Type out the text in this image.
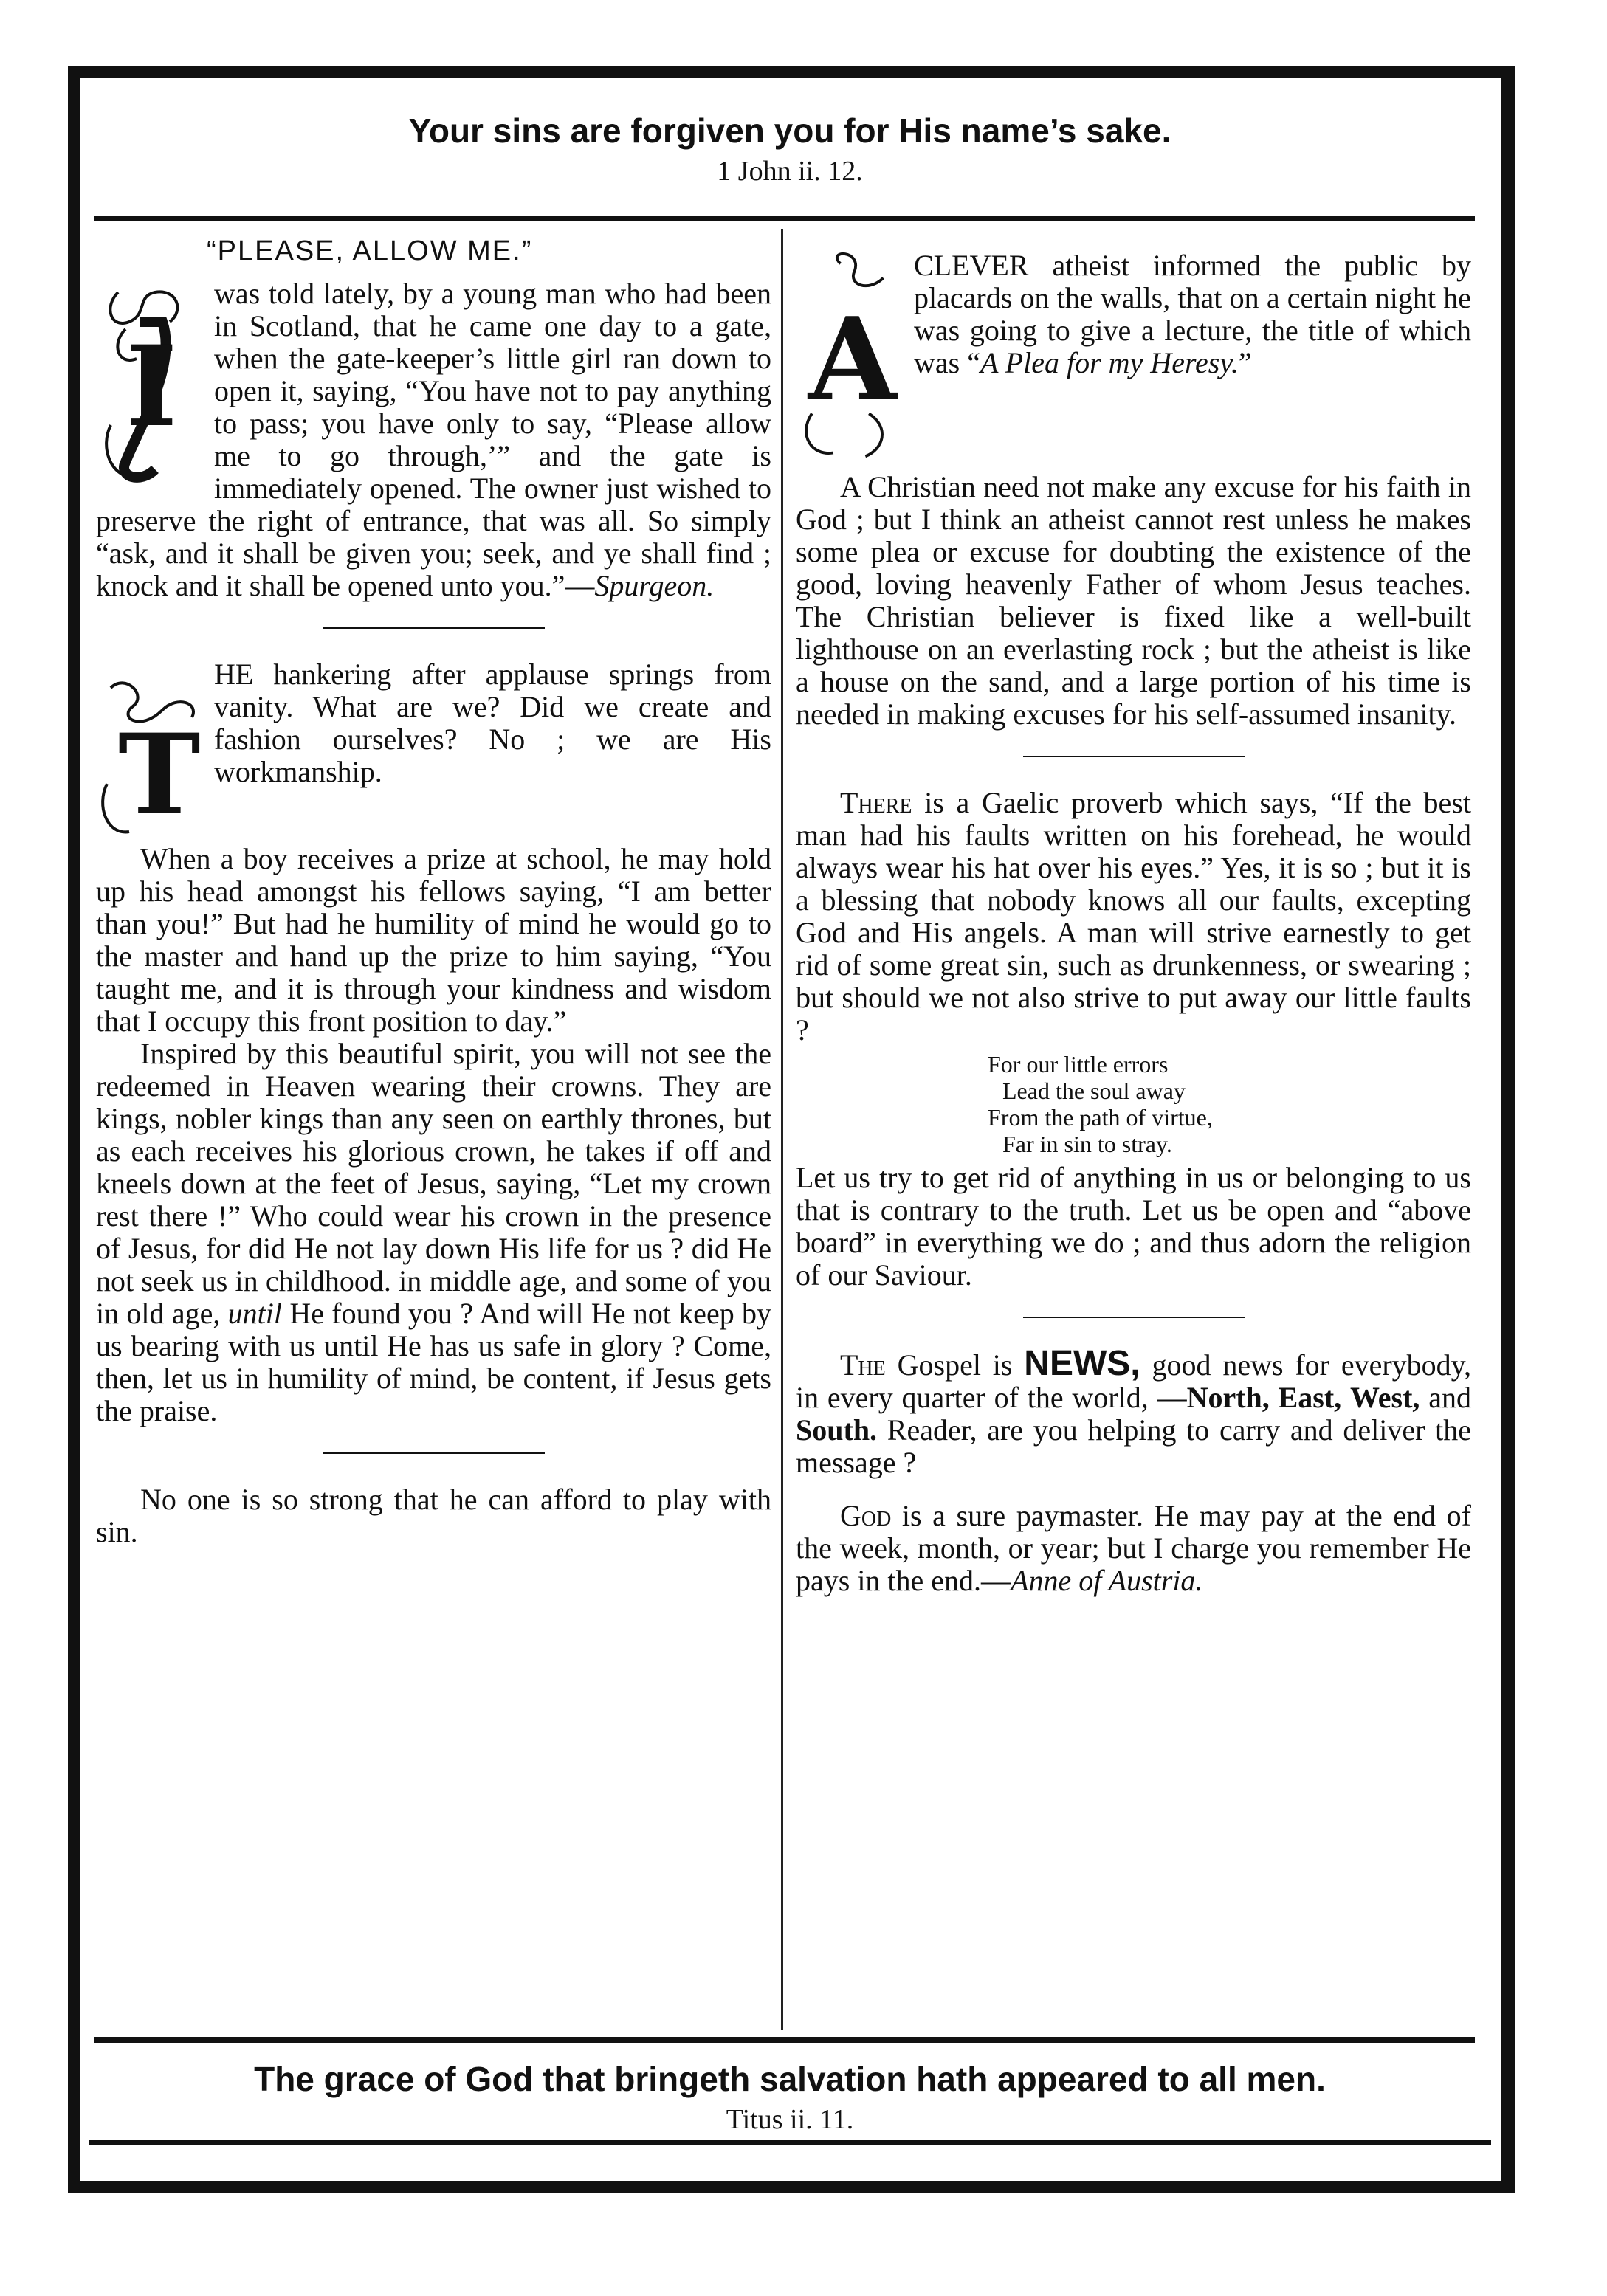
Your sins are forgiven you for His name’s sake.
1 John ii. 12.
“PLEASE, ALLOW ME.”
I

was told lately, by a young man who had been in Scotland, that he came one day to a gate, when the gate-keeper’s little girl ran down to open it, saying, “You have not to pay anything to pass; you have only to say, “Please allow me to go through,’” and the gate is immediately opened. The owner just wished to preserve the right of entrance, that was all. So simply “ask, and it shall be given you; seek, and ye shall find ; knock and it shall be opened unto you.”—Spurgeon.

T

HE hankering after applause springs from vanity. What are we? Did we create and fashion ourselves? No ; we are His workmanship.

When a boy receives a prize at school, he may hold up his head amongst his fellows saying, “I am better than you!” But had he humility of mind he would go to the master and hand up the prize to him saying, “You taught me, and it is through your kindness and wisdom that I occupy this front position to day.”

Inspired by this beautiful spirit, you will not see the redeemed in Heaven wearing their crowns. They are kings, nobler kings than any seen on earthly thrones, but as each receives his glorious crown, he takes if off and kneels down at the feet of Jesus, saying, “Let my crown rest there !” Who could wear his crown in the presence of Jesus, for did He not lay down His life for us ? did He not seek us in childhood. in middle age, and some of you in old age, until He found you ? And will He not keep by us bearing with us until He has us safe in glory ? Come, then, let us in humility of mind, be content, if Jesus gets the praise.

No one is so strong that he can afford to play with sin.

A

CLEVER atheist informed the public by placards on the walls, that on a certain night he was going to give a lecture, the title of which was “A Plea for my Heresy.”

A Christian need not make any excuse for his faith in God ; but I think an atheist cannot rest unless he makes some plea or excuse for doubting the existence of the good, loving heavenly Father of whom Jesus teaches. The Christian believer is fixed like a well-built lighthouse on an everlasting rock ; but the atheist is like a house on the sand, and a large portion of his time is needed in making excuses for his self-assumed insanity.

There is a Gaelic proverb which says, “If the best man had his faults written on his forehead, he would always wear his hat over his eyes.” Yes, it is so ; but it is a blessing that nobody knows all our faults, excepting God and His angels. A man will strive earnestly to get rid of some great sin, such as drunkenness, or swearing ; but should we not also strive to put away our little faults ?

For our little errors
Lead the soul away
From the path of virtue,
Far in sin to stray.

Let us try to get rid of anything in us or belonging to us that is contrary to the truth. Let us be open and “above board” in everything we do ; and thus adorn the religion of our Saviour.

The Gospel is NEWS, good news for everybody, in every quarter of the world, —North, East, West, and South. Reader, are you helping to carry and deliver the message ?

God is a sure paymaster. He may pay at the end of the week, month, or year; but I charge you remember He pays in the end.—Anne of Austria.

The grace of God that bringeth salvation hath appeared to all men.
Titus ii. 11.
